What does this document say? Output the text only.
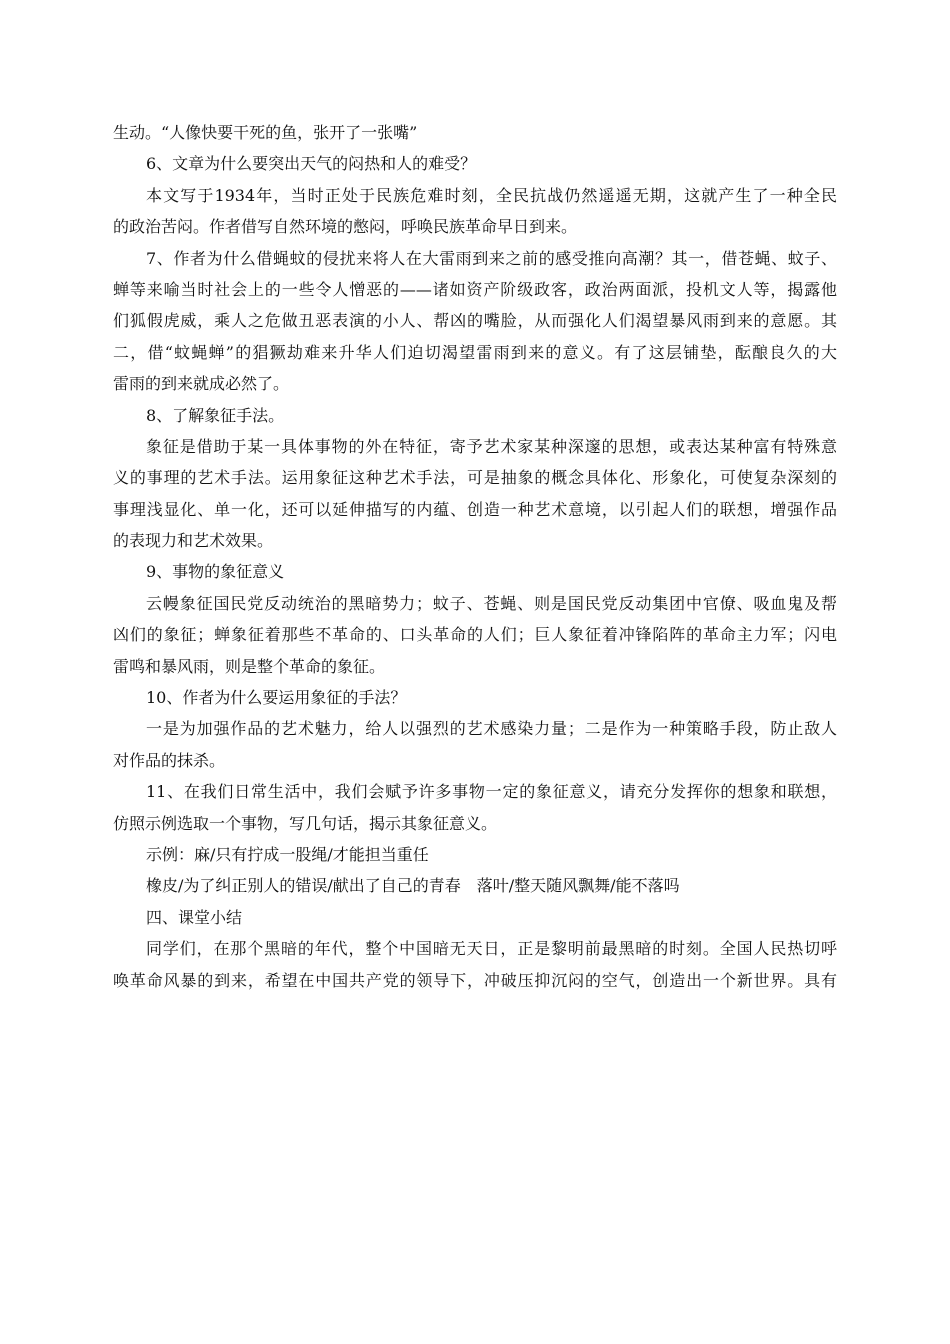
生动。“人像快要干死的鱼，张开了一张嘴”
6、文章为什么要突出天气的闷热和人的难受？
本文写于1934年，当时正处于民族危难时刻，全民抗战仍然遥遥无期，这就产生了一种全民
的政治苦闷。作者借写自然环境的憋闷，呼唤民族革命早日到来。
7、作者为什么借蝇蚊的侵扰来将人在大雷雨到来之前的感受推向高潮？其一，借苍蝇、蚊子、
蝉等来喻当时社会上的一些令人憎恶的——诸如资产阶级政客，政治两面派，投机文人等，揭露他
们狐假虎威，乘人之危做丑恶表演的小人、帮凶的嘴脸，从而强化人们渴望暴风雨到来的意愿。其
二，借“蚊蝇蝉”的猖獗劫难来升华人们迫切渴望雷雨到来的意义。有了这层铺垫，酝酿良久的大
雷雨的到来就成必然了。
8、了解象征手法。
象征是借助于某一具体事物的外在特征，寄予艺术家某种深邃的思想，或表达某种富有特殊意
义的事理的艺术手法。运用象征这种艺术手法，可是抽象的概念具体化、形象化，可使复杂深刻的
事理浅显化、单一化，还可以延伸描写的内蕴、创造一种艺术意境，以引起人们的联想，增强作品
的表现力和艺术效果。
9、事物的象征意义
云幔象征国民党反动统治的黑暗势力；蚊子、苍蝇、则是国民党反动集团中官僚、吸血鬼及帮
凶们的象征；蝉象征着那些不革命的、口头革命的人们；巨人象征着冲锋陷阵的革命主力军；闪电
雷鸣和暴风雨，则是整个革命的象征。
10、作者为什么要运用象征的手法？
一是为加强作品的艺术魅力，给人以强烈的艺术感染力量；二是作为一种策略手段，防止敌人
对作品的抹杀。
11、在我们日常生活中，我们会赋予许多事物一定的象征意义，请充分发挥你的想象和联想，
仿照示例选取一个事物，写几句话，揭示其象征意义。
示例：麻/只有拧成一股绳/才能担当重任
橡皮/为了纠正别人的错误/献出了自己的青春　落叶/整天随风飘舞/能不落吗
四、课堂小结
同学们，在那个黑暗的年代，整个中国暗无天日，正是黎明前最黑暗的时刻。全国人民热切呼
唤革命风暴的到来，希望在中国共产党的领导下，冲破压抑沉闷的空气，创造出一个新世界。具有
